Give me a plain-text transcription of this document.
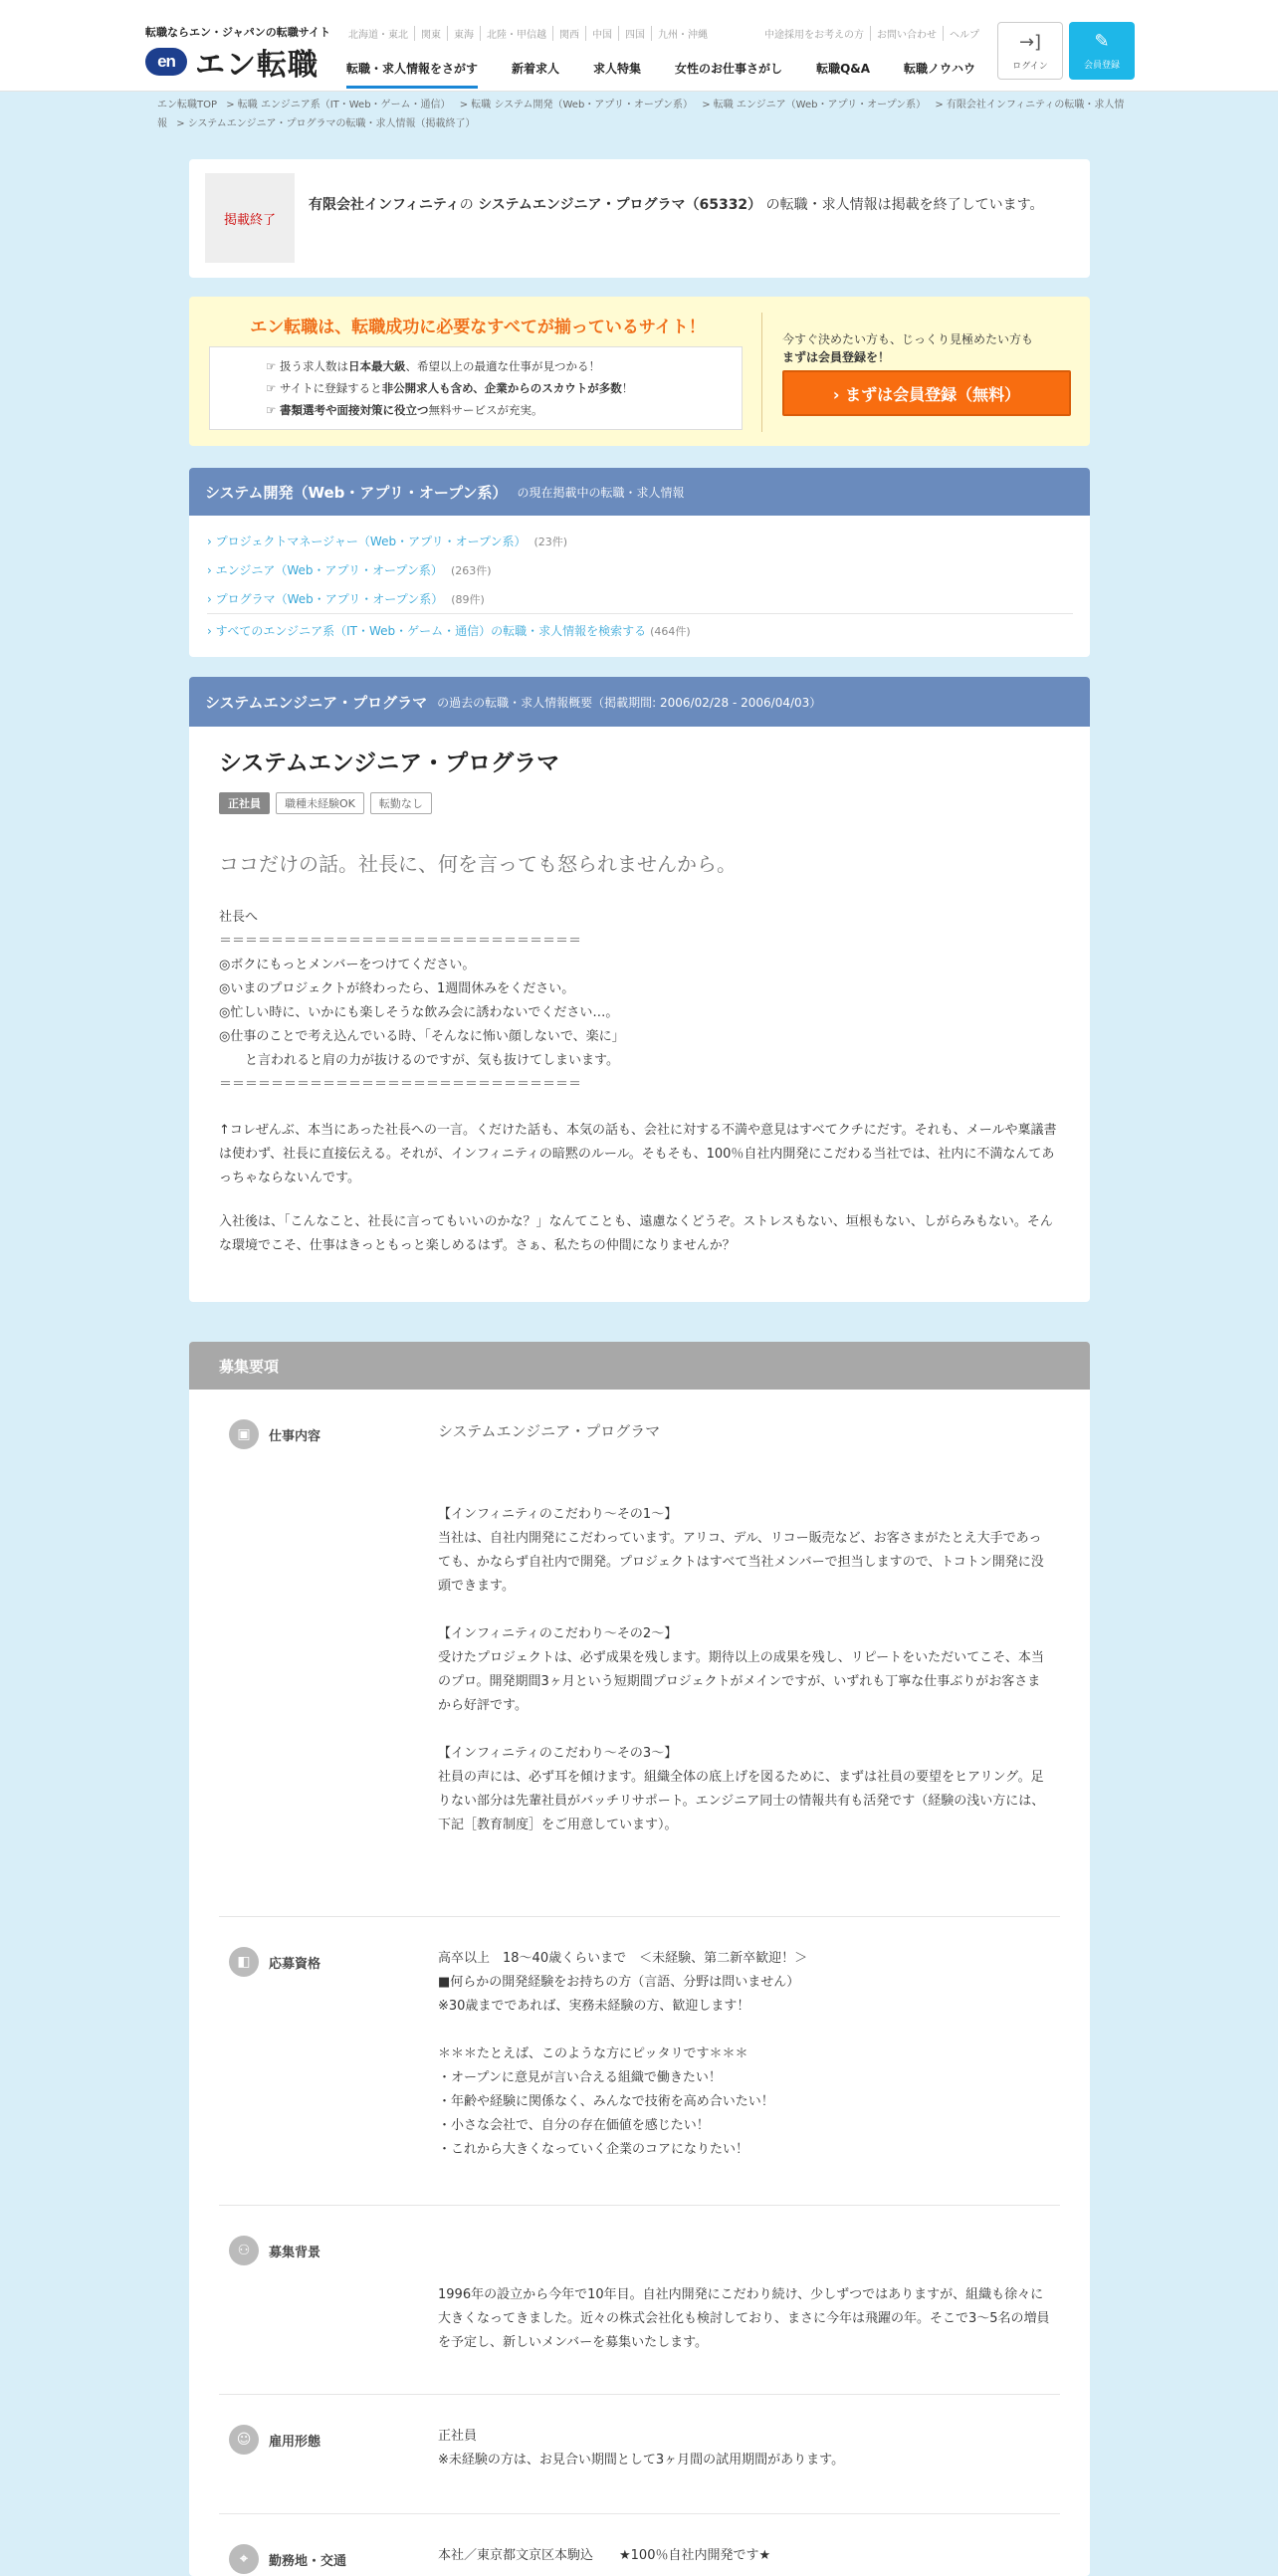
転職ならエン・ジャパンの転職サイト
en エン転職
北海道・東北	関東	東海	北陸・甲信越	関西	中国	四国	九州・沖縄	中途採用をお考えの方	お問い合わせ	ヘルプ
転職・求人情報をさがす	新着求人	求人特集	女性のお仕事さがし	転職Q&A	転職ノウハウ
→]
ログイン
✎
会員登録
エン転職TOP > 転職 エンジニア系（IT・Web・ゲーム・通信） > 転職 システム開発（Web・アプリ・オープン系） > 転職 エンジニア（Web・アプリ・オープン系） > 有限会社インフィニティの転職・求人情報 > システムエンジニア・プログラマの転職・求人情報（掲載終了）
掲載終了
有限会社インフィニティの システムエンジニア・プログラマ（65332） の転職・求人情報は掲載を終了しています。
エン転職は、転職成功に必要なすべてが揃っているサイト！
☞ 扱う求人数は日本最大級、希望以上の最適な仕事が見つかる！
☞ サイトに登録すると非公開求人も含め、企業からのスカウトが多数！
☞ 書類選考や面接対策に役立つ無料サービスが充実。
今すぐ決めたい方も、じっくり見極めたい方も
まずは会員登録を！
› まずは会員登録（無料）
システム開発（Web・アプリ・オープン系） の現在掲載中の転職・求人情報
› プロジェクトマネージャー（Web・アプリ・オープン系） (23件)
› エンジニア（Web・アプリ・オープン系） (263件)
› プログラマ（Web・アプリ・オープン系） (89件)
› すべてのエンジニア系（IT・Web・ゲーム・通信）の転職・求人情報を検索する (464件)
システムエンジニア・プログラマ の過去の転職・求人情報概要（掲載期間: 2006/02/28 - 2006/04/03）
システムエンジニア・プログラマ
正社員	職種未経験OK	転勤なし
ココだけの話。社長に、何を言っても怒られませんから。
社長へ
＝＝＝＝＝＝＝＝＝＝＝＝＝＝＝＝＝＝＝＝＝＝＝＝＝＝＝＝
◎ボクにもっとメンバーをつけてください。
◎いまのプロジェクトが終わったら、1週間休みをください。
◎忙しい時に、いかにも楽しそうな飲み会に誘わないでください…。
◎仕事のことで考え込んでいる時、「そんなに怖い顔しないで、楽に」
　　と言われると肩の力が抜けるのですが、気も抜けてしまいます。
＝＝＝＝＝＝＝＝＝＝＝＝＝＝＝＝＝＝＝＝＝＝＝＝＝＝＝＝
↑コレぜんぶ、本当にあった社長への一言。くだけた話も、本気の話も、会社に対する不満や意見はすべてクチにだす。それも、メールや稟議書は使わず、社長に直接伝える。それが、インフィニティの暗黙のルール。そもそも、100％自社内開発にこだわる当社では、社内に不満なんてあっちゃならないんです。
入社後は、「こんなこと、社長に言ってもいいのかな？」なんてことも、遠慮なくどうぞ。ストレスもない、垣根もない、しがらみもない。そんな環境でこそ、仕事はきっともっと楽しめるはず。さぁ、私たちの仲間になりませんか？
募集要項
▣	仕事内容	システムエンジニア・プログラマ
【インフィニティのこだわり～その1～】
当社は、自社内開発にこだわっています。アリコ、デル、リコー販売など、お客さまがたとえ大手であっても、かならず自社内で開発。プロジェクトはすべて当社メンバーで担当しますので、トコトン開発に没頭できます。

【インフィニティのこだわり～その2～】
受けたプロジェクトは、必ず成果を残します。期待以上の成果を残し、リピートをいただいてこそ、本当のプロ。開発期間3ヶ月という短期間プロジェクトがメインですが、いずれも丁寧な仕事ぶりがお客さまから好評です。

【インフィニティのこだわり～その3～】
社員の声には、必ず耳を傾けます。組織全体の底上げを図るために、まずは社員の要望をヒアリング。足りない部分は先輩社員がバッチリサポート。エンジニア同士の情報共有も活発です（経験の浅い方には、下記［教育制度］をご用意しています）。
◧	応募資格	高卒以上　18～40歳くらいまで　＜未経験、第二新卒歓迎！＞
■何らかの開発経験をお持ちの方（言語、分野は問いません）
※30歳までであれば、実務未経験の方、歓迎します！

＊＊＊たとえば、このような方にピッタリです＊＊＊
・オープンに意見が言い合える組織で働きたい！
・年齢や経験に関係なく、みんなで技術を高め合いたい！
・小さな会社で、自分の存在価値を感じたい！
・これから大きくなっていく企業のコアになりたい！
⚇	募集背景

1996年の設立から今年で10年目。自社内開発にこだわり続け、少しずつではありますが、組織も徐々に大きくなってきました。近々の株式会社化も検討しており、まさに今年は飛躍の年。そこで3～5名の増員を予定し、新しいメンバーを募集いたします。
☺	雇用形態	正社員
※未経験の方は、お見合い期間として3ヶ月間の試用期間があります。
⌖	勤務地・交通	本社／東京都文京区本駒込　　★100％自社内開発です★
